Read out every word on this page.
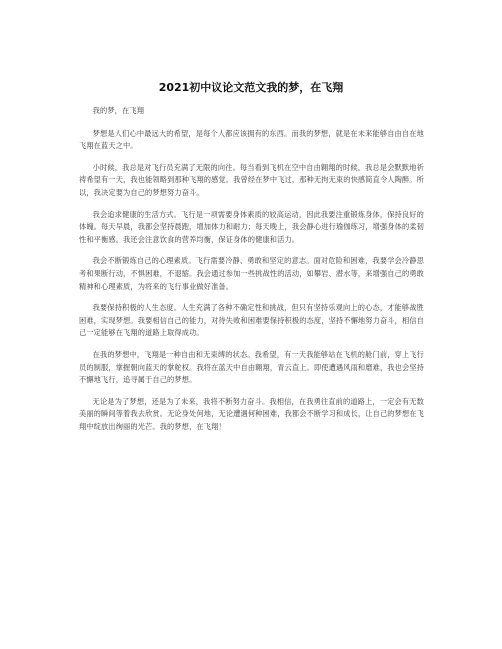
2021初中议论文范文我的梦，在飞翔

我的梦，在飞翔

梦想是人们心中最远大的希望，是每个人都应该拥有的东西。而我的梦想，就是在未来能够自由自在地飞翔在蓝天之中。

小时候，我总是对飞行员充满了无限的向往。每当看到飞机在空中自由翱翔的时候，我总是会默默地祈祷希望有一天，我也能领略到那种飞翔的感觉。我曾经在梦中飞过，那种无拘无束的快感简直令人陶醉。所以，我决定要为自己的梦想努力奋斗。

我会追求健康的生活方式。飞行是一项需要身体素质的较高运动，因此我要注重锻炼身体，保持良好的体魄。每天早晨，我都会坚持晨跑，增加体力和耐力；每天晚上，我会静心进行瑜伽练习，增强身体的柔韧性和平衡感。我还会注意饮食的营养均衡，保证身体的健康和活力。

我会不断锻炼自己的心理素质。飞行需要冷静、勇敢和坚定的意志。面对危险和困难，我要学会冷静思考和果断行动，不惧困难，不退缩。我会通过参加一些挑战性的活动，如攀岩、潜水等，来增强自己的勇敢精神和心理素质，为将来的飞行事业做好准备。

我要保持积极的人生态度。人生充满了各种不确定性和挑战，但只有坚持乐观向上的心态，才能够战胜困难，实现梦想。我要相信自己的能力，对待失败和困难要保持积极的态度，坚持不懈地努力奋斗，相信自己一定能够在飞翔的道路上取得成功。

在我的梦想中，飞翔是一种自由和无束缚的状态。我希望，有一天我能够站在飞机的舱门前，穿上飞行员的制服，掌握朝向蓝天的掌舵权。我将在蓝天中自由翱翔，青云直上。即使遭遇风雨和磨难，我也会坚持不懈地飞行，追寻属于自己的梦想。

无论是为了梦想，还是为了未来，我将不断努力奋斗。我相信，在我勇往直前的道路上，一定会有无数美丽的瞬间等着我去欣赏。无论身处何地，无论遭遇何种困难，我都会不断学习和成长，让自己的梦想在飞翔中绽放出绚丽的光芒。我的梦想，在飞翔！
